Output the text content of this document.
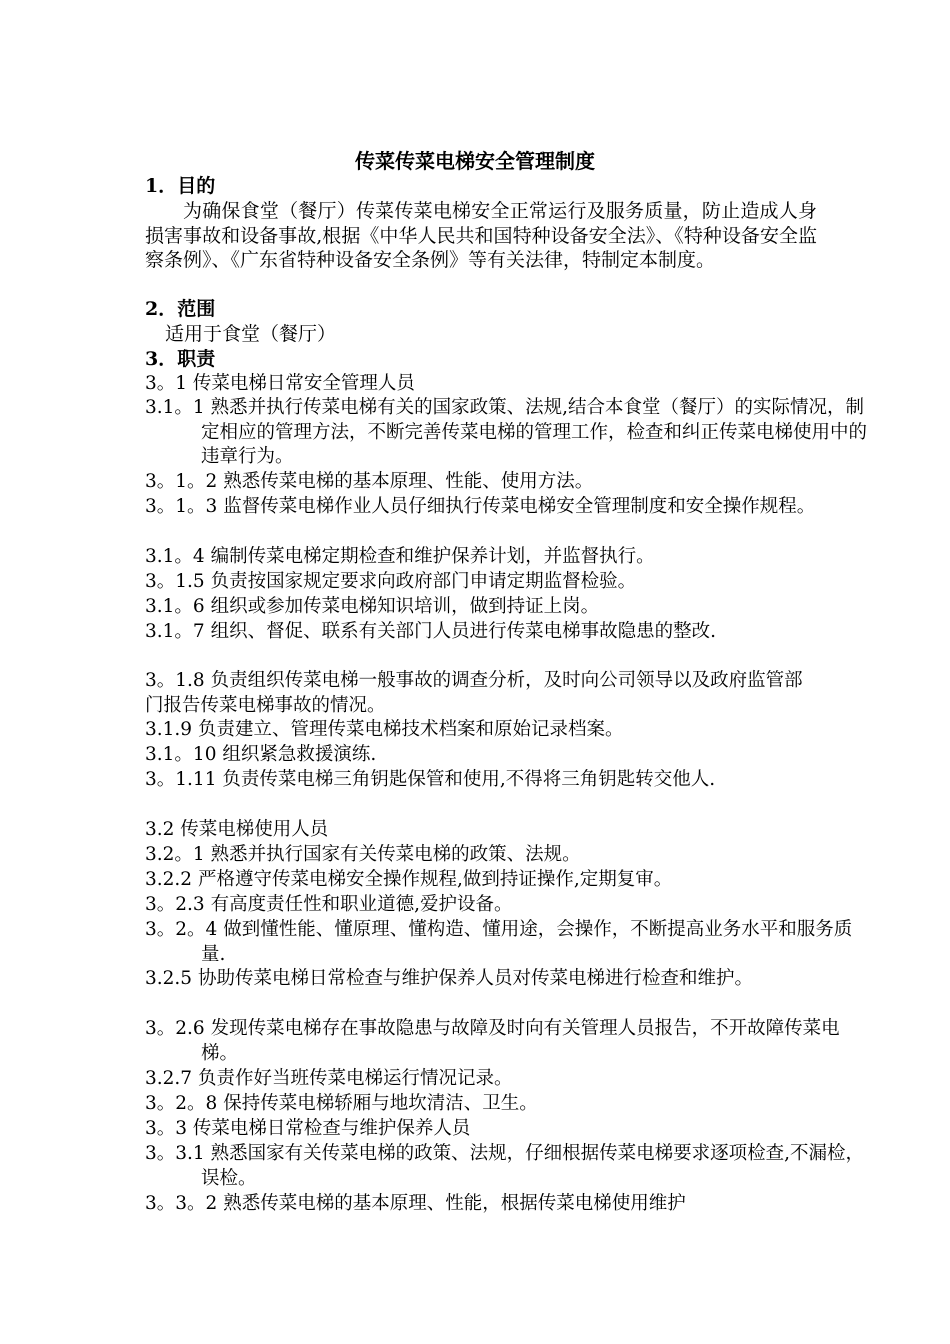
传菜传菜电梯安全管理制度
1．目的
为确保食堂（餐厅）传菜传菜电梯安全正常运行及服务质量，防止造成人身损害事故和设备事故,根据《中华人民共和国特种设备安全法》、《特种设备安全监察条例》、《广东省特种设备安全条例》等有关法律，特制定本制度。
2．范围
适用于食堂（餐厅）
3．职责
3。1 传菜电梯日常安全管理人员
3.1。1 熟悉并执行传菜电梯有关的国家政策、法规,结合本食堂（餐厅）的实际情况，制定相应的管理方法，不断完善传菜电梯的管理工作，检查和纠正传菜电梯使用中的违章行为。
3。1。2 熟悉传菜电梯的基本原理、性能、使用方法。
3。1。3 监督传菜电梯作业人员仔细执行传菜电梯安全管理制度和安全操作规程。
3.1。4 编制传菜电梯定期检查和维护保养计划，并监督执行。
3。1.5 负责按国家规定要求向政府部门申请定期监督检验。
3.1。6 组织或参加传菜电梯知识培训，做到持证上岗。
3.1。7 组织、督促、联系有关部门人员进行传菜电梯事故隐患的整改.
3。1.8 负责组织传菜电梯一般事故的调查分析，及时向公司领导以及政府监管部门报告传菜电梯事故的情况。
3.1.9 负责建立、管理传菜电梯技术档案和原始记录档案。
3.1。10 组织紧急救援演练.
3。1.11 负责传菜电梯三角钥匙保管和使用,不得将三角钥匙转交他人.
3.2 传菜电梯使用人员
3.2。1 熟悉并执行国家有关传菜电梯的政策、法规。
3.2.2 严格遵守传菜电梯安全操作规程,做到持证操作,定期复审。
3。2.3 有高度责任性和职业道德,爱护设备。
3。2。4 做到懂性能、懂原理、懂构造、懂用途，会操作，不断提高业务水平和服务质量.
3.2.5 协助传菜电梯日常检查与维护保养人员对传菜电梯进行检查和维护。
3。2.6 发现传菜电梯存在事故隐患与故障及时向有关管理人员报告，不开故障传菜电梯。
3.2.7 负责作好当班传菜电梯运行情况记录。
3。2。8 保持传菜电梯轿厢与地坎清洁、卫生。
3。3 传菜电梯日常检查与维护保养人员
3。3.1 熟悉国家有关传菜电梯的政策、法规，仔细根据传菜电梯要求逐项检查,不漏检，误检。
3。3。2 熟悉传菜电梯的基本原理、性能，根据传菜电梯使用维护
